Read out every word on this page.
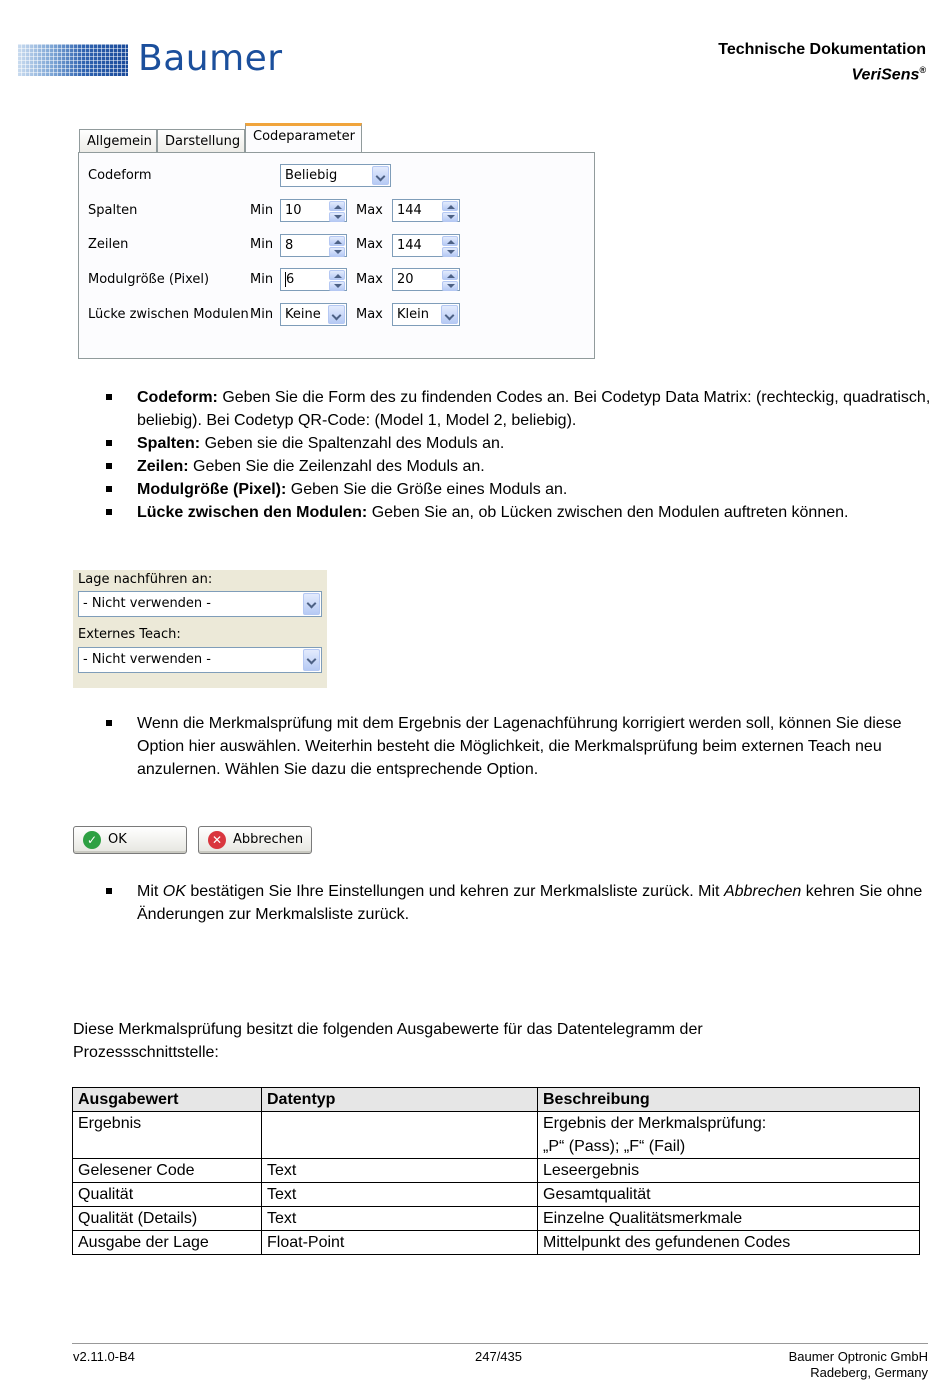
Baumer	Technische Dokumentation
VeriSens®
Allgemein	Darstellung Codeparameter
Codeform	Beliebig
Spalten	Min 10	Max	144
Zeilen	Min 8	Max	144
Modulgröße (Pixel)	Min 6	Max	20
Lücke zwischen Modulen Min Keine	Max	Klein
Codeform: Geben Sie die Form des zu findenden Codes an. Bei Codetyp Data Matrix: (rechteckig, quadratisch, beliebig). Bei Codetyp QR-Code: (Model 1, Model 2, beliebig).
Spalten: Geben sie die Spaltenzahl des Moduls an.
Zeilen: Geben Sie die Zeilenzahl des Moduls an.
Modulgröße (Pixel): Geben Sie die Größe eines Moduls an.
Lücke zwischen den Modulen: Geben Sie an, ob Lücken zwischen den Modulen auftreten können.
Lage nachführen an:
- Nicht verwenden -
Externes Teach:
- Nicht verwenden -
Wenn die Merkmalsprüfung mit dem Ergebnis der Lagenachführung korrigiert werden soll, können Sie diese Option hier auswählen. Weiterhin besteht die Möglichkeit, die Merkmalsprüfung beim externen Teach neu anzulernen. Wählen Sie dazu die entsprechende Option.
✓ OK	✕ Abbrechen
Mit OK bestätigen Sie Ihre Einstellungen und kehren zur Merkmalsliste zurück. Mit Abbrechen kehren Sie ohne Änderungen zur Merkmalsliste zurück.
Diese Merkmalsprüfung besitzt die folgenden Ausgabewerte für das Datentelegramm der Prozessschnittstelle:
Ausgabewert	Datentyp	Beschreibung
Ergebnis		Ergebnis der Merkmalsprüfung:
„P“ (Pass); „F“ (Fail)

Gelesener Code	Text	Leseergebnis
Qualität	Text	Gesamtqualität
Qualität (Details)	Text	Einzelne Qualitätsmerkmale
Ausgabe der Lage	Float-Point	Mittelpunkt des gefundenen Codes
v2.11.0-B4	247/435	Baumer Optronic GmbH
Radeberg, Germany
